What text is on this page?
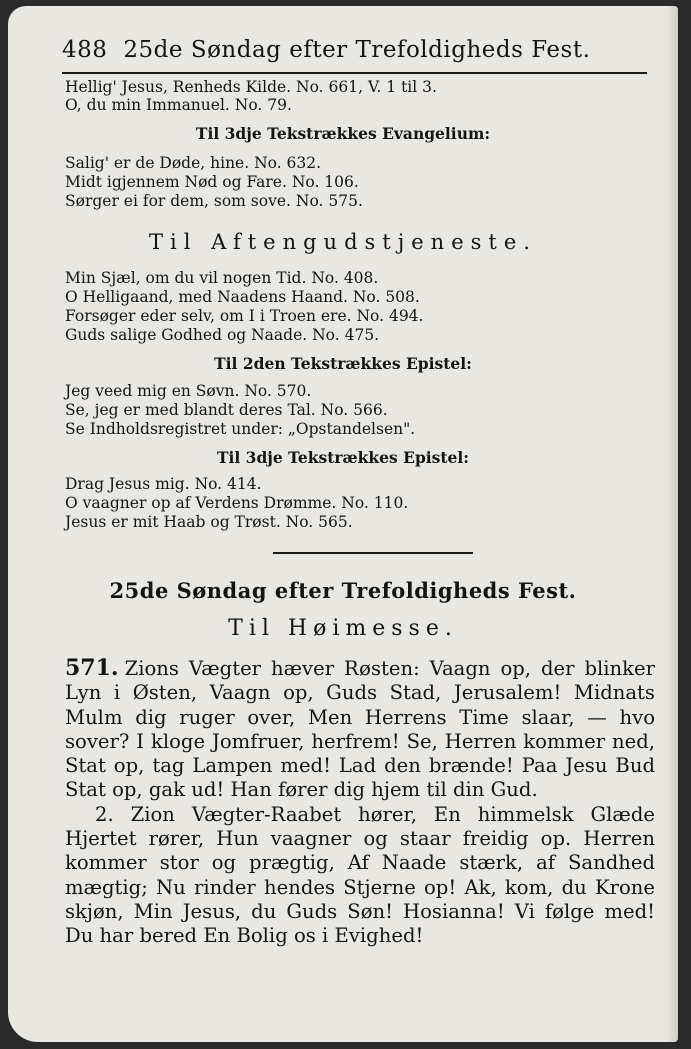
488 25de Søndag efter Trefoldigheds Fest.
Hellig' Jesus, Renheds Kilde. No. 661, V. 1 til 3.
O, du min Immanuel. No. 79.
Til 3dje Tekstrækkes Evangelium:
Salig' er de Døde, hine. No. 632.
Midt igjennem Nød og Fare. No. 106.
Sørger ei for dem, som sove. No. 575.
Til Aftengudstjeneste.
Min Sjæl, om du vil nogen Tid. No. 408.
O Helligaand, med Naadens Haand. No. 508.
Forsøger eder selv, om I i Troen ere. No. 494.
Guds salige Godhed og Naade. No. 475.
Til 2den Tekstrækkes Epistel:
Jeg veed mig en Søvn. No. 570.
Se, jeg er med blandt deres Tal. No. 566.
Se Indholdsregistret under: „Opstandelsen".
Til 3dje Tekstrækkes Epistel:
Drag Jesus mig. No. 414.
O vaagner op af Verdens Drømme. No. 110.
Jesus er mit Haab og Trøst. No. 565.
25de Søndag efter Trefoldigheds Fest.
Til Høimesse.

571. Zions Vægter hæver Røsten: Vaagn op, der blinker Lyn i Østen, Vaagn op, Guds Stad, Jerusalem! Midnats Mulm dig ruger over, Men Herrens Time slaar, — hvo sover? I kloge Jomfruer, herfrem! Se, Herren kommer ned, Stat op, tag Lampen med! Lad den brænde! Paa Jesu Bud Stat op, gak ud! Han fører dig hjem til din Gud.

2. Zion Vægter-Raabet hører, En himmelsk Glæde Hjertet rører, Hun vaagner og staar freidig op. Herren kommer stor og prægtig, Af Naade stærk, af Sandhed mægtig; Nu rinder hendes Stjerne op! Ak, kom, du Krone skjøn, Min Jesus, du Guds Søn! Hosianna! Vi følge med! Du har bered En Bolig os i Evighed!
